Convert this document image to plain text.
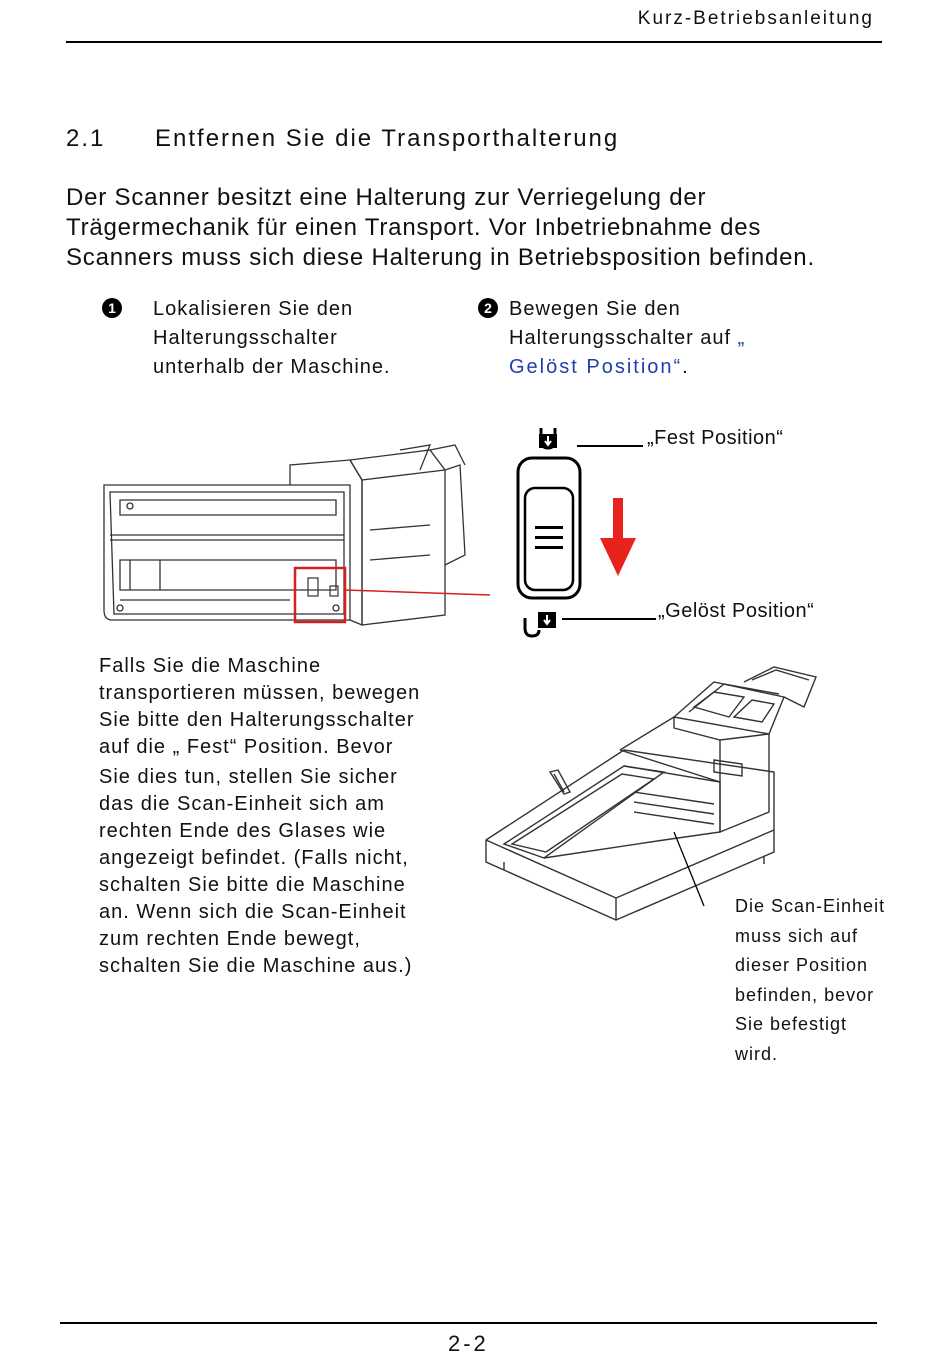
Kurz-Betriebsanleitung
2.1 Entfernen Sie die Transporthalterung
Der Scanner besitzt eine Halterung zur Verriegelung der
Trägermechanik für einen Transport. Vor Inbetriebnahme des
Scanners muss sich diese Halterung in Betriebsposition befinden.
1	Lokalisieren Sie den
Halterungsschalter
unterhalb der Maschine.
2 Bewegen Sie den
Halterungsschalter auf „
Gelöst Position“.
„Fest Position“
„Gelöst Position“
Falls Sie die Maschine
transportieren müssen, bewegen
Sie bitte den Halterungsschalter
auf die „ Fest“ Position. Bevor
Sie dies tun, stellen Sie sicher
das die Scan-Einheit sich am
rechten Ende des Glases wie
angezeigt befindet. (Falls nicht,
schalten Sie bitte die Maschine
an. Wenn sich die Scan-Einheit
zum rechten Ende bewegt,
schalten Sie die Maschine aus.)
Die Scan-Einheit
muss sich auf
dieser Position
befinden, bevor
Sie befestigt
wird.
2-2
